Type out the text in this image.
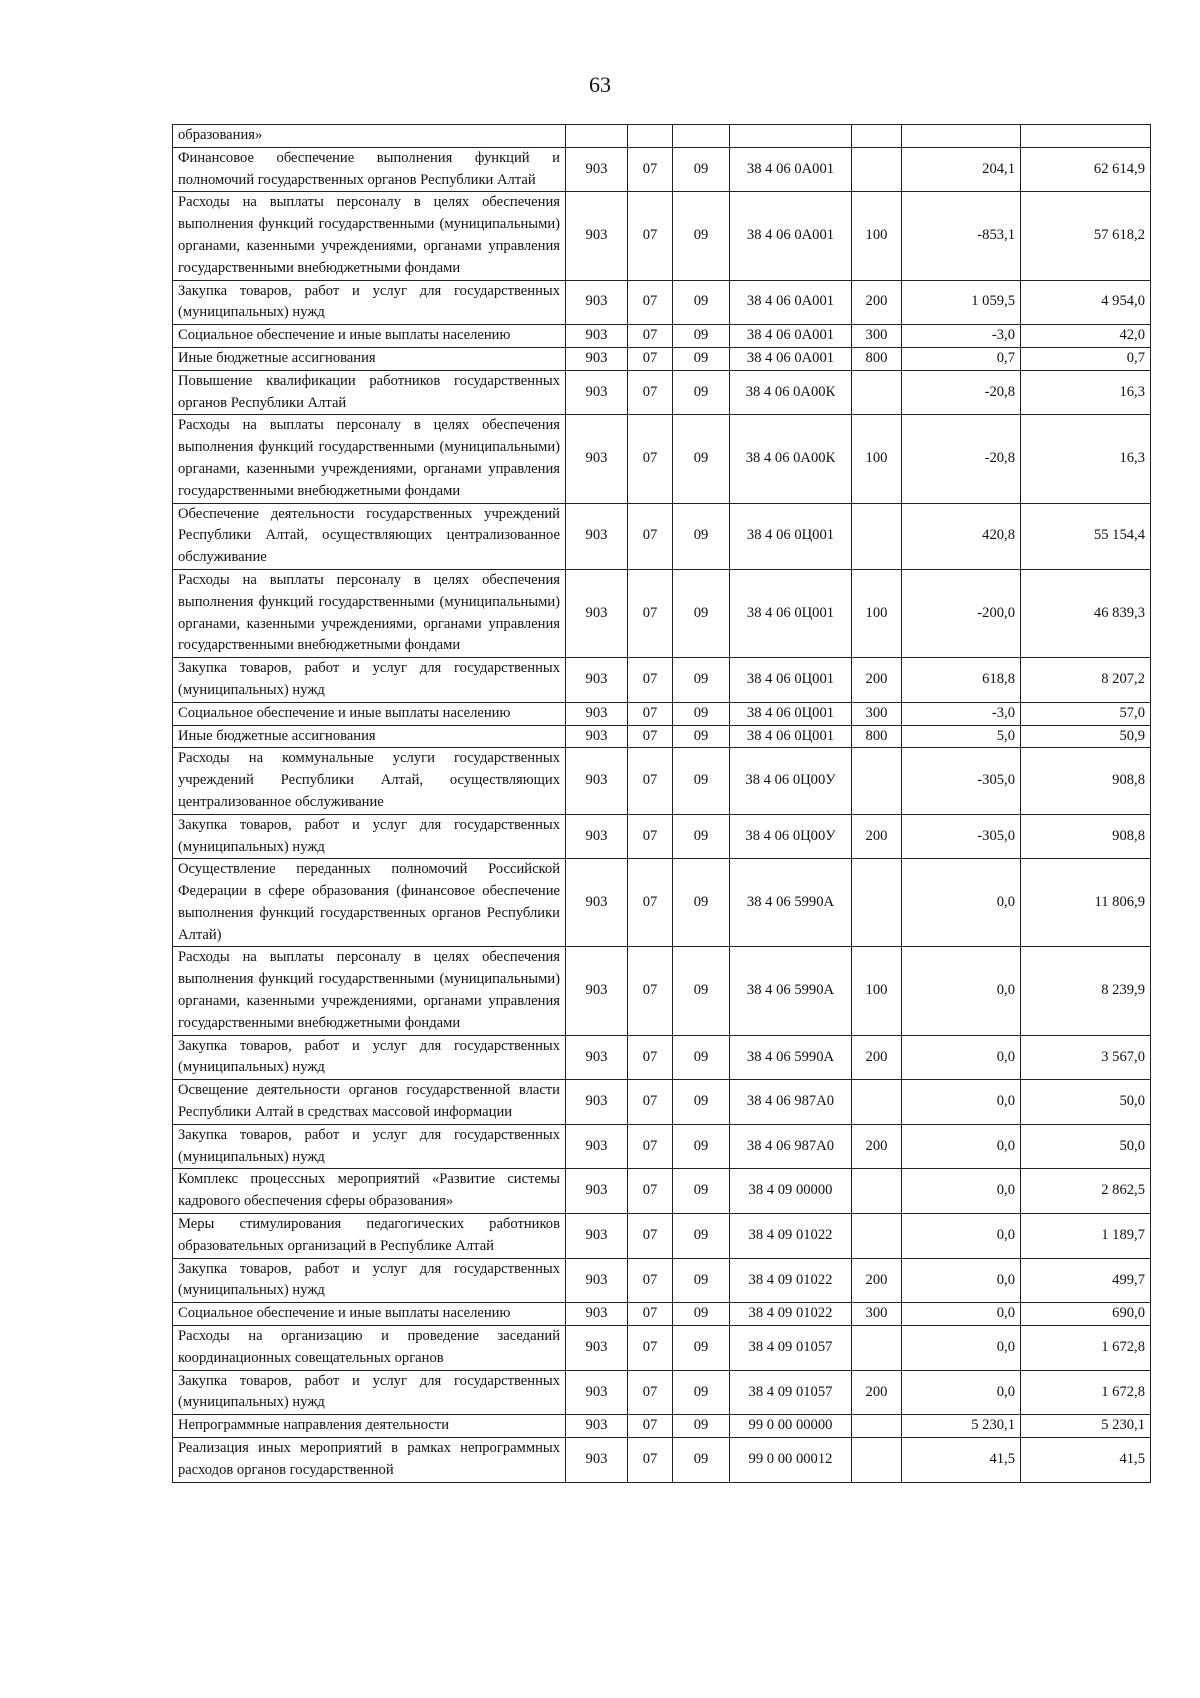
63
образования»							
Финансовое обеспечение выполнения функций и полномочий государственных органов Республики Алтай	903	07	09	38 4 06 0А001		204,1	62 614,9
Расходы на выплаты персоналу в целях обеспечения выполнения функций государственными (муниципальными) органами, казенными учреждениями, органами управления государственными внебюджетными фондами	903	07	09	38 4 06 0А001	100	-853,1	57 618,2
Закупка товаров, работ и услуг для государственных (муниципальных) нужд	903	07	09	38 4 06 0А001	200	1 059,5	4 954,0
Социальное обеспечение и иные выплаты населению	903	07	09	38 4 06 0А001	300	-3,0	42,0
Иные бюджетные ассигнования	903	07	09	38 4 06 0А001	800	0,7	0,7
Повышение квалификации работников государственных органов Республики Алтай	903	07	09	38 4 06 0А00К		-20,8	16,3
Расходы на выплаты персоналу в целях обеспечения выполнения функций государственными (муниципальными) органами, казенными учреждениями, органами управления государственными внебюджетными фондами	903	07	09	38 4 06 0А00К	100	-20,8	16,3
Обеспечение деятельности государственных учреждений Республики Алтай, осуществляющих централизованное обслуживание	903	07	09	38 4 06 0Ц001		420,8	55 154,4
Расходы на выплаты персоналу в целях обеспечения выполнения функций государственными (муниципальными) органами, казенными учреждениями, органами управления государственными внебюджетными фондами	903	07	09	38 4 06 0Ц001	100	-200,0	46 839,3
Закупка товаров, работ и услуг для государственных (муниципальных) нужд	903	07	09	38 4 06 0Ц001	200	618,8	8 207,2
Социальное обеспечение и иные выплаты населению	903	07	09	38 4 06 0Ц001	300	-3,0	57,0
Иные бюджетные ассигнования	903	07	09	38 4 06 0Ц001	800	5,0	50,9
Расходы на коммунальные услуги государственных учреждений Республики Алтай, осуществляющих централизованное обслуживание	903	07	09	38 4 06 0Ц00У		-305,0	908,8
Закупка товаров, работ и услуг для государственных (муниципальных) нужд	903	07	09	38 4 06 0Ц00У	200	-305,0	908,8
Осуществление переданных полномочий Российской Федерации в сфере образования (финансовое обеспечение выполнения функций государственных органов Республики Алтай)	903	07	09	38 4 06 5990А		0,0	11 806,9
Расходы на выплаты персоналу в целях обеспечения выполнения функций государственными (муниципальными) органами, казенными учреждениями, органами управления государственными внебюджетными фондами	903	07	09	38 4 06 5990А	100	0,0	8 239,9
Закупка товаров, работ и услуг для государственных (муниципальных) нужд	903	07	09	38 4 06 5990А	200	0,0	3 567,0
Освещение деятельности органов государственной власти Республики Алтай в средствах массовой информации	903	07	09	38 4 06 987А0		0,0	50,0
Закупка товаров, работ и услуг для государственных (муниципальных) нужд	903	07	09	38 4 06 987А0	200	0,0	50,0
Комплекс процессных мероприятий «Развитие системы кадрового обеспечения сферы образования»	903	07	09	38 4 09 00000		0,0	2 862,5
Меры стимулирования педагогических работников образовательных организаций в Республике Алтай	903	07	09	38 4 09 01022		0,0	1 189,7
Закупка товаров, работ и услуг для государственных (муниципальных) нужд	903	07	09	38 4 09 01022	200	0,0	499,7
Социальное обеспечение и иные выплаты населению	903	07	09	38 4 09 01022	300	0,0	690,0
Расходы на организацию и проведение заседаний координационных совещательных органов	903	07	09	38 4 09 01057		0,0	1 672,8
Закупка товаров, работ и услуг для государственных (муниципальных) нужд	903	07	09	38 4 09 01057	200	0,0	1 672,8
Непрограммные направления деятельности	903	07	09	99 0 00 00000		5 230,1	5 230,1
Реализация иных мероприятий в рамках непрограммных расходов органов государственной	903	07	09	99 0 00 00012		41,5	41,5
